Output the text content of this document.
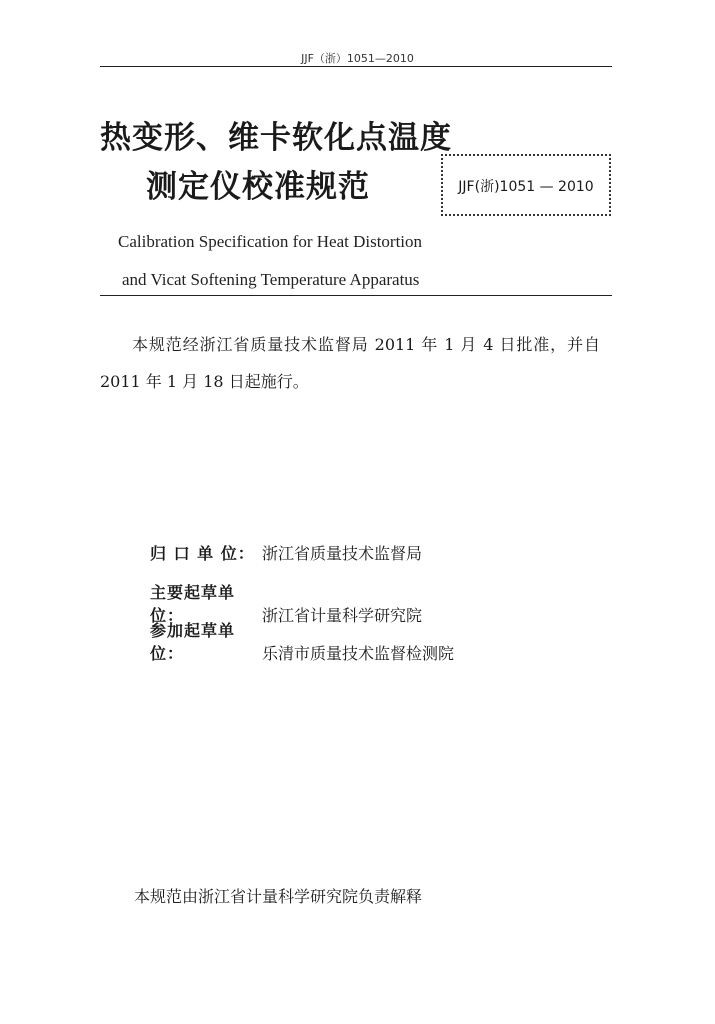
JJF（浙）1051—2010
热变形、维卡软化点温度
测定仪校准规范	JJF(浙)1051 — 2010
Calibration Specification for Heat Distortion
and Vicat Softening Temperature Apparatus
本规范经浙江省质量技术监督局 2011 年 1 月 4 日批准，并自 2011 年 1 月 18 日起施行。
归 口 单 位： 浙江省质量技术监督局
主要起草单位：	浙江省计量科学研究院
参加起草单位：	乐清市质量技术监督检测院
本规范由浙江省计量科学研究院负责解释
